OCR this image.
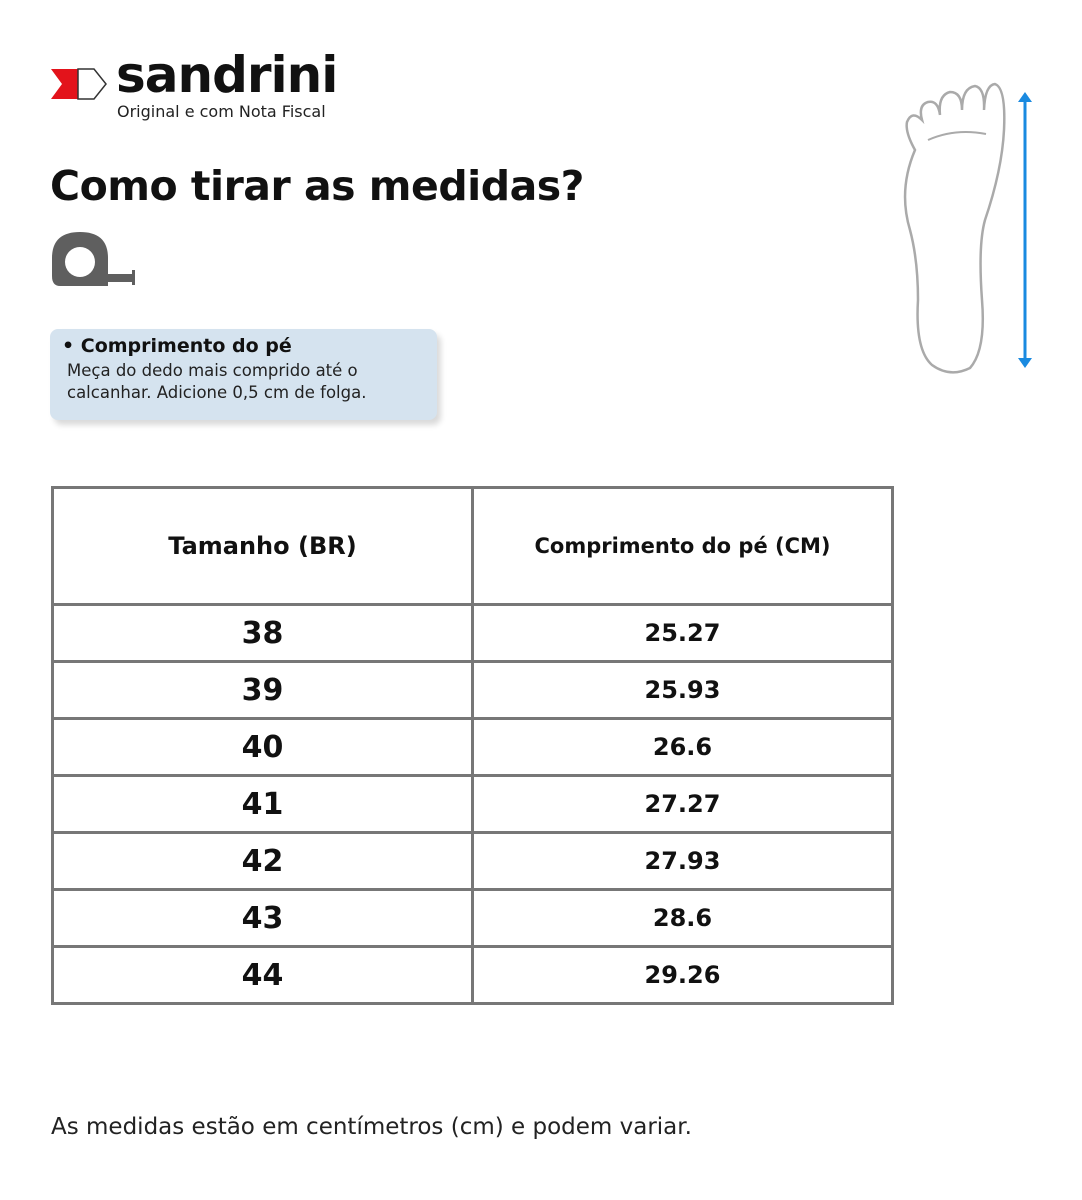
sandrini
Original e com Nota Fiscal
Como tirar as medidas?
• Comprimento do pé
Meça do dedo mais comprido até o calcanhar. Adicione 0,5 cm de folga.
Tamanho (BR)	Comprimento do pé (CM)
38	25.27
39	25.93
40	26.6
41	27.27
42	27.93
43	28.6
44	29.26
As medidas estão em centímetros (cm) e podem variar.
